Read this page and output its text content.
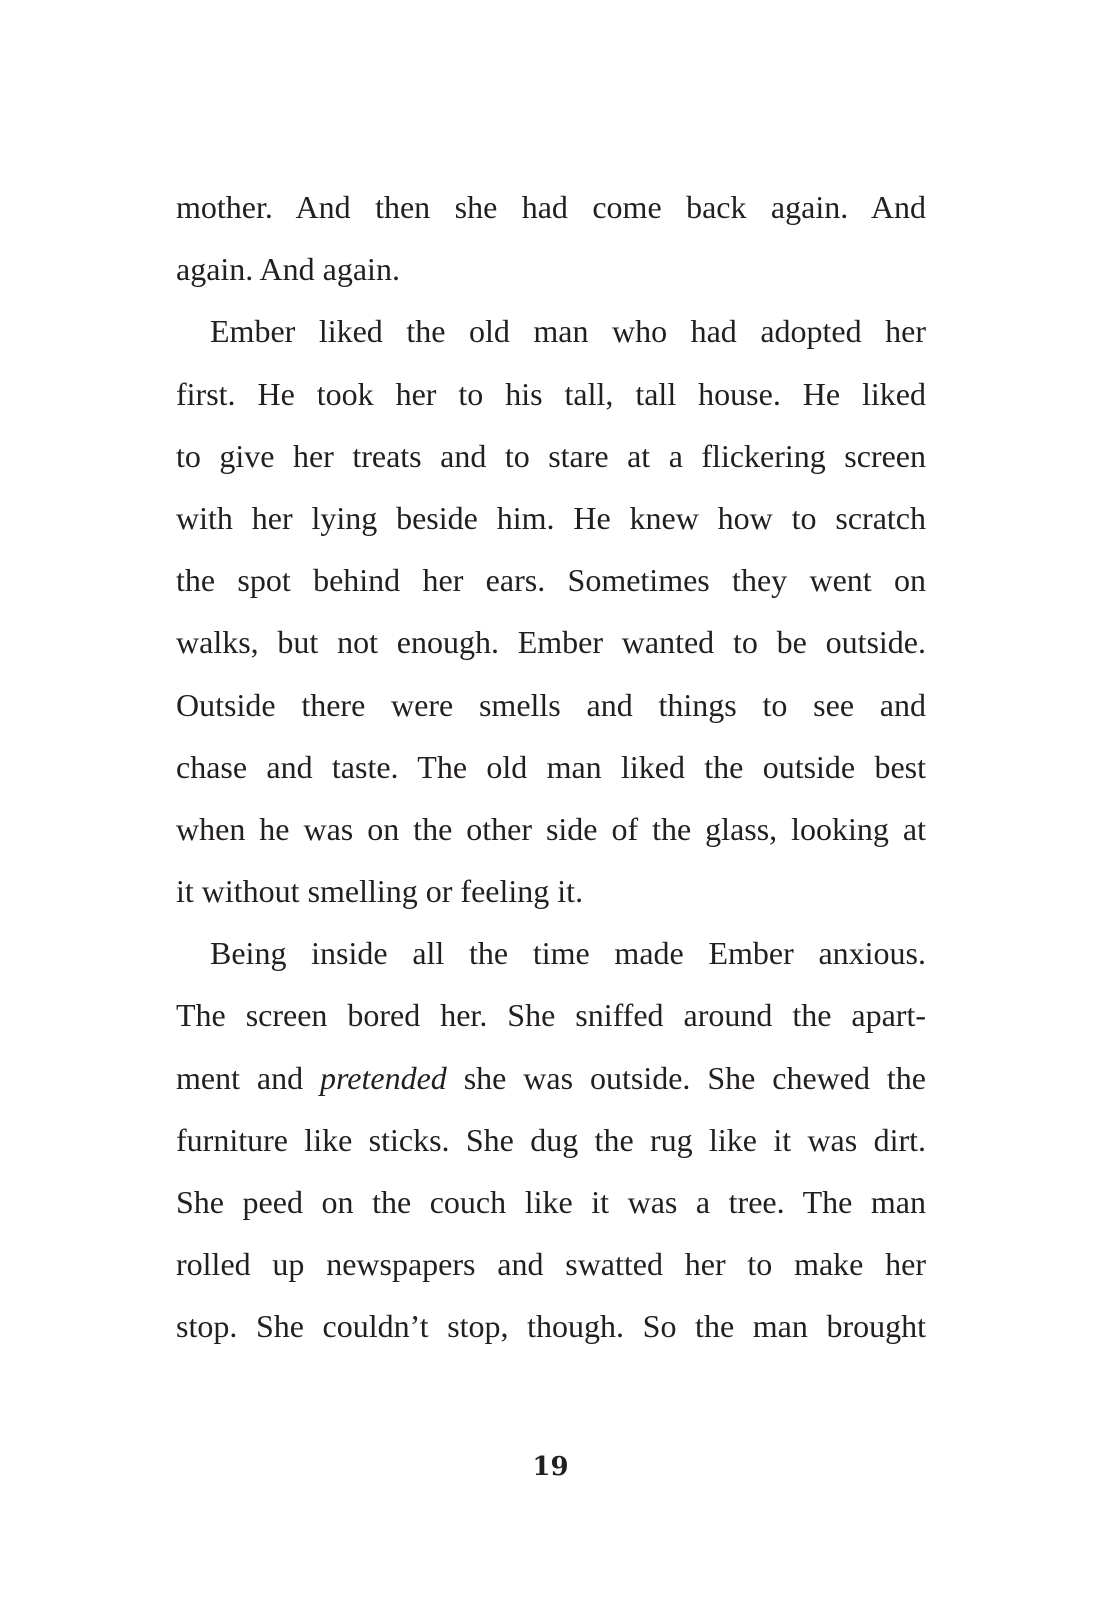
mother. And then she had come back again. And
again. And again.
Ember liked the old man who had adopted her
first. He took her to his tall, tall house. He liked
to give her treats and to stare at a flickering screen
with her lying beside him. He knew how to scratch
the spot behind her ears. Sometimes they went on
walks, but not enough. Ember wanted to be outside.
Outside there were smells and things to see and
chase and taste. The old man liked the outside best
when he was on the other side of the glass, looking at
it without smelling or feeling it.
Being inside all the time made Ember anxious.
The screen bored her. She sniffed around the apart-
ment and pretended she was outside. She chewed the
furniture like sticks. She dug the rug like it was dirt.
She peed on the couch like it was a tree. The man
rolled up newspapers and swatted her to make her
stop. She couldn’t stop, though. So the man brought
19
